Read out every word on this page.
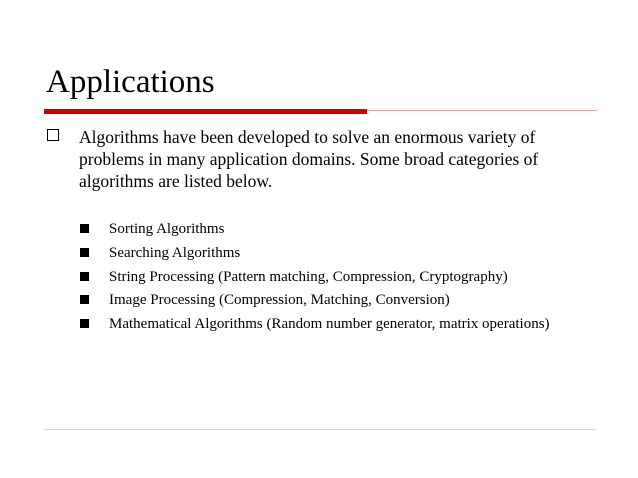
Applications
Algorithms have been developed to solve an enormous variety of problems in many application domains. Some broad categories of algorithms are listed below.
Sorting Algorithms
Searching Algorithms
String Processing (Pattern matching, Compression, Cryptography)
Image Processing (Compression, Matching, Conversion)
Mathematical Algorithms (Random number generator, matrix operations)
